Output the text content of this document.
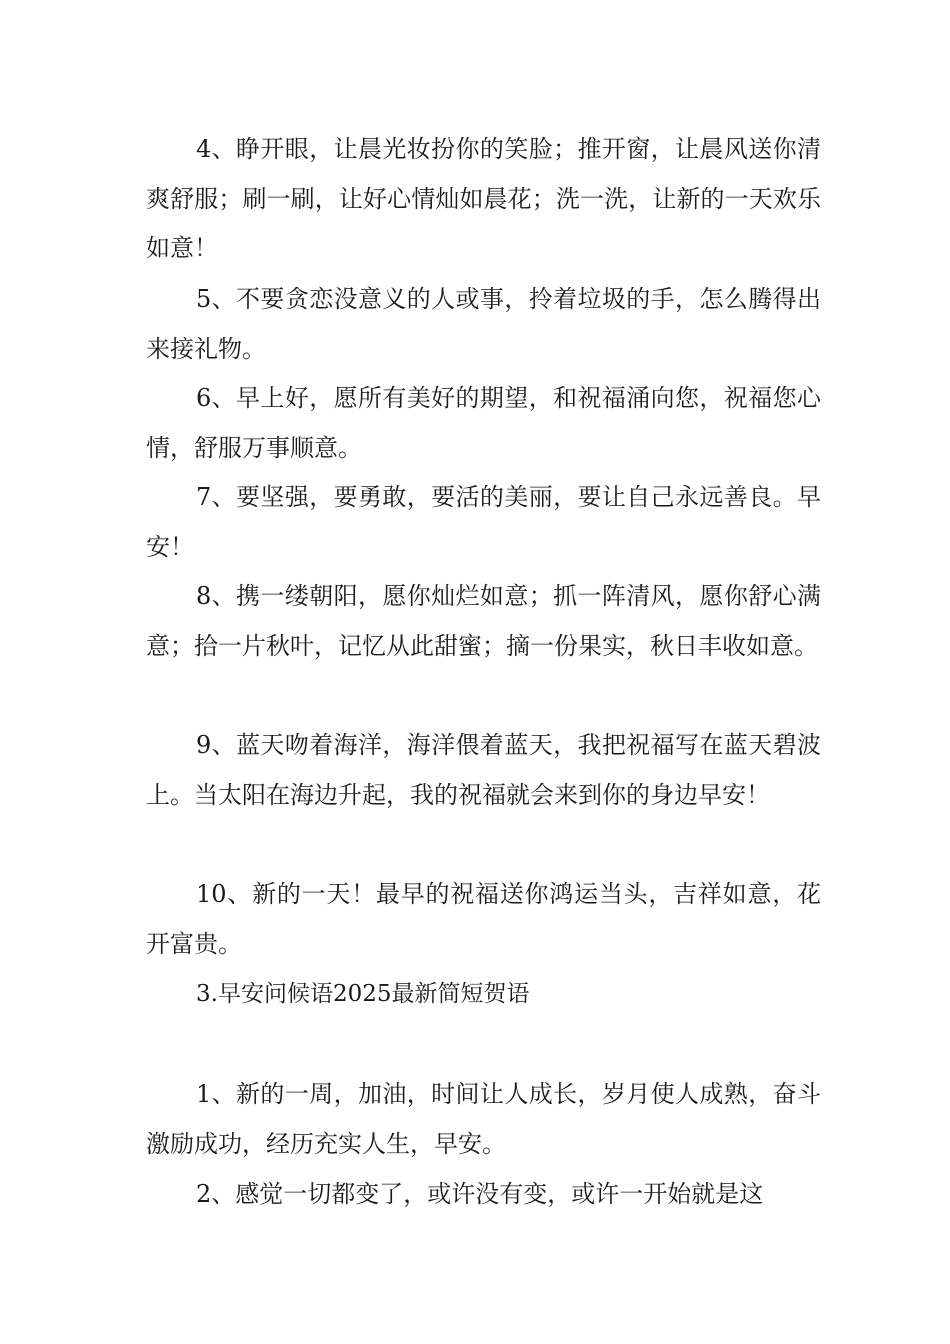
4、睁开眼，让晨光妆扮你的笑脸；推开窗，让晨风送你清爽舒服；刷一刷，让好心情灿如晨花；洗一洗，让新的一天欢乐如意！

5、不要贪恋没意义的人或事，拎着垃圾的手，怎么腾得出来接礼物。

6、早上好，愿所有美好的期望，和祝福涌向您，祝福您心情，舒服万事顺意。

7、要坚强，要勇敢，要活的美丽，要让自己永远善良。早安！

8、携一缕朝阳，愿你灿烂如意；抓一阵清风，愿你舒心满意；拾一片秋叶，记忆从此甜蜜；摘一份果实，秋日丰收如意。

9、蓝天吻着海洋，海洋偎着蓝天，我把祝福写在蓝天碧波上。当太阳在海边升起，我的祝福就会来到你的身边早安！

10、新的一天！最早的祝福送你鸿运当头，吉祥如意，花开富贵。

3.早安问候语2025最新简短贺语

1、新的一周，加油，时间让人成长，岁月使人成熟，奋斗激励成功，经历充实人生，早安。

2、感觉一切都变了，或许没有变，或许一开始就是这
